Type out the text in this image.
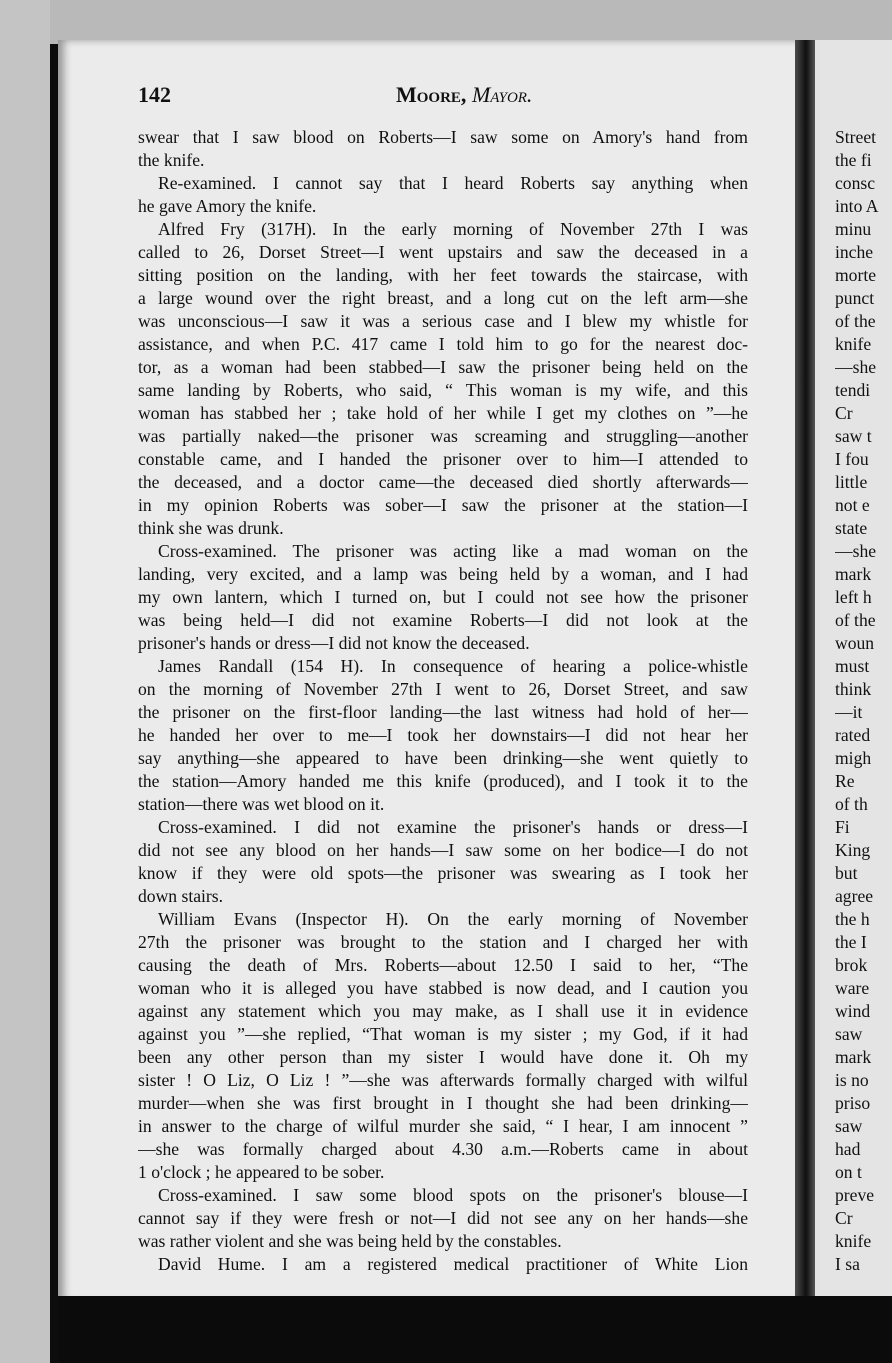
142	Moore, Mayor.
swear that I saw blood on Roberts—I saw some on Amory's hand from
the knife.
Re-examined. I cannot say that I heard Roberts say anything when
he gave Amory the knife.
Alfred Fry (317H). In the early morning of November 27th I was
called to 26, Dorset Street—I went upstairs and saw the deceased in a
sitting position on the landing, with her feet towards the staircase, with
a large wound over the right breast, and a long cut on the left arm—she
was unconscious—I saw it was a serious case and I blew my whistle for
assistance, and when P.C. 417 came I told him to go for the nearest doc-
tor, as a woman had been stabbed—I saw the prisoner being held on the
same landing by Roberts, who said, “ This woman is my wife, and this
woman has stabbed her ; take hold of her while I get my clothes on ”—he
was partially naked—the prisoner was screaming and struggling—another
constable came, and I handed the prisoner over to him—I attended to
the deceased, and a doctor came—the deceased died shortly afterwards—
in my opinion Roberts was sober—I saw the prisoner at the station—I
think she was drunk.
Cross-examined. The prisoner was acting like a mad woman on the
landing, very excited, and a lamp was being held by a woman, and I had
my own lantern, which I turned on, but I could not see how the prisoner
was being held—I did not examine Roberts—I did not look at the
prisoner's hands or dress—I did not know the deceased.
James Randall (154 H). In consequence of hearing a police-whistle
on the morning of November 27th I went to 26, Dorset Street, and saw
the prisoner on the first-floor landing—the last witness had hold of her—
he handed her over to me—I took her downstairs—I did not hear her
say anything—she appeared to have been drinking—she went quietly to
the station—Amory handed me this knife (produced), and I took it to the
station—there was wet blood on it.
Cross-examined. I did not examine the prisoner's hands or dress—I
did not see any blood on her hands—I saw some on her bodice—I do not
know if they were old spots—the prisoner was swearing as I took her
down stairs.
William Evans (Inspector H). On the early morning of November
27th the prisoner was brought to the station and I charged her with
causing the death of Mrs. Roberts—about 12.50 I said to her, “The
woman who it is alleged you have stabbed is now dead, and I caution you
against any statement which you may make, as I shall use it in evidence
against you ”—she replied, “That woman is my sister ; my God, if it had
been any other person than my sister I would have done it. Oh my
sister ! O Liz, O Liz ! ”—she was afterwards formally charged with wilful
murder—when she was first brought in I thought she had been drinking—
in answer to the charge of wilful murder she said, “ I hear, I am innocent ”
—she was formally charged about 4.30 a.m.—Roberts came in about
1 o'clock ; he appeared to be sober.
Cross-examined. I saw some blood spots on the prisoner's blouse—I
cannot say if they were fresh or not—I did not see any on her hands—she
was rather violent and she was being held by the constables.
David Hume. I am a registered medical practitioner of White Lion
Street
the fi
consc
into A
minu
inche
morte
punct
of the
knife
—she
tendi
Cr
saw t
I fou
little
not e
state
—she
mark
left h
of the
woun
must
think
—it
rated
migh
Re
of th
Fi
King
but
agree
the h
the I
brok
ware
wind
saw
mark
is no
priso
saw
had
on t
preve
Cr
knife
I sa
